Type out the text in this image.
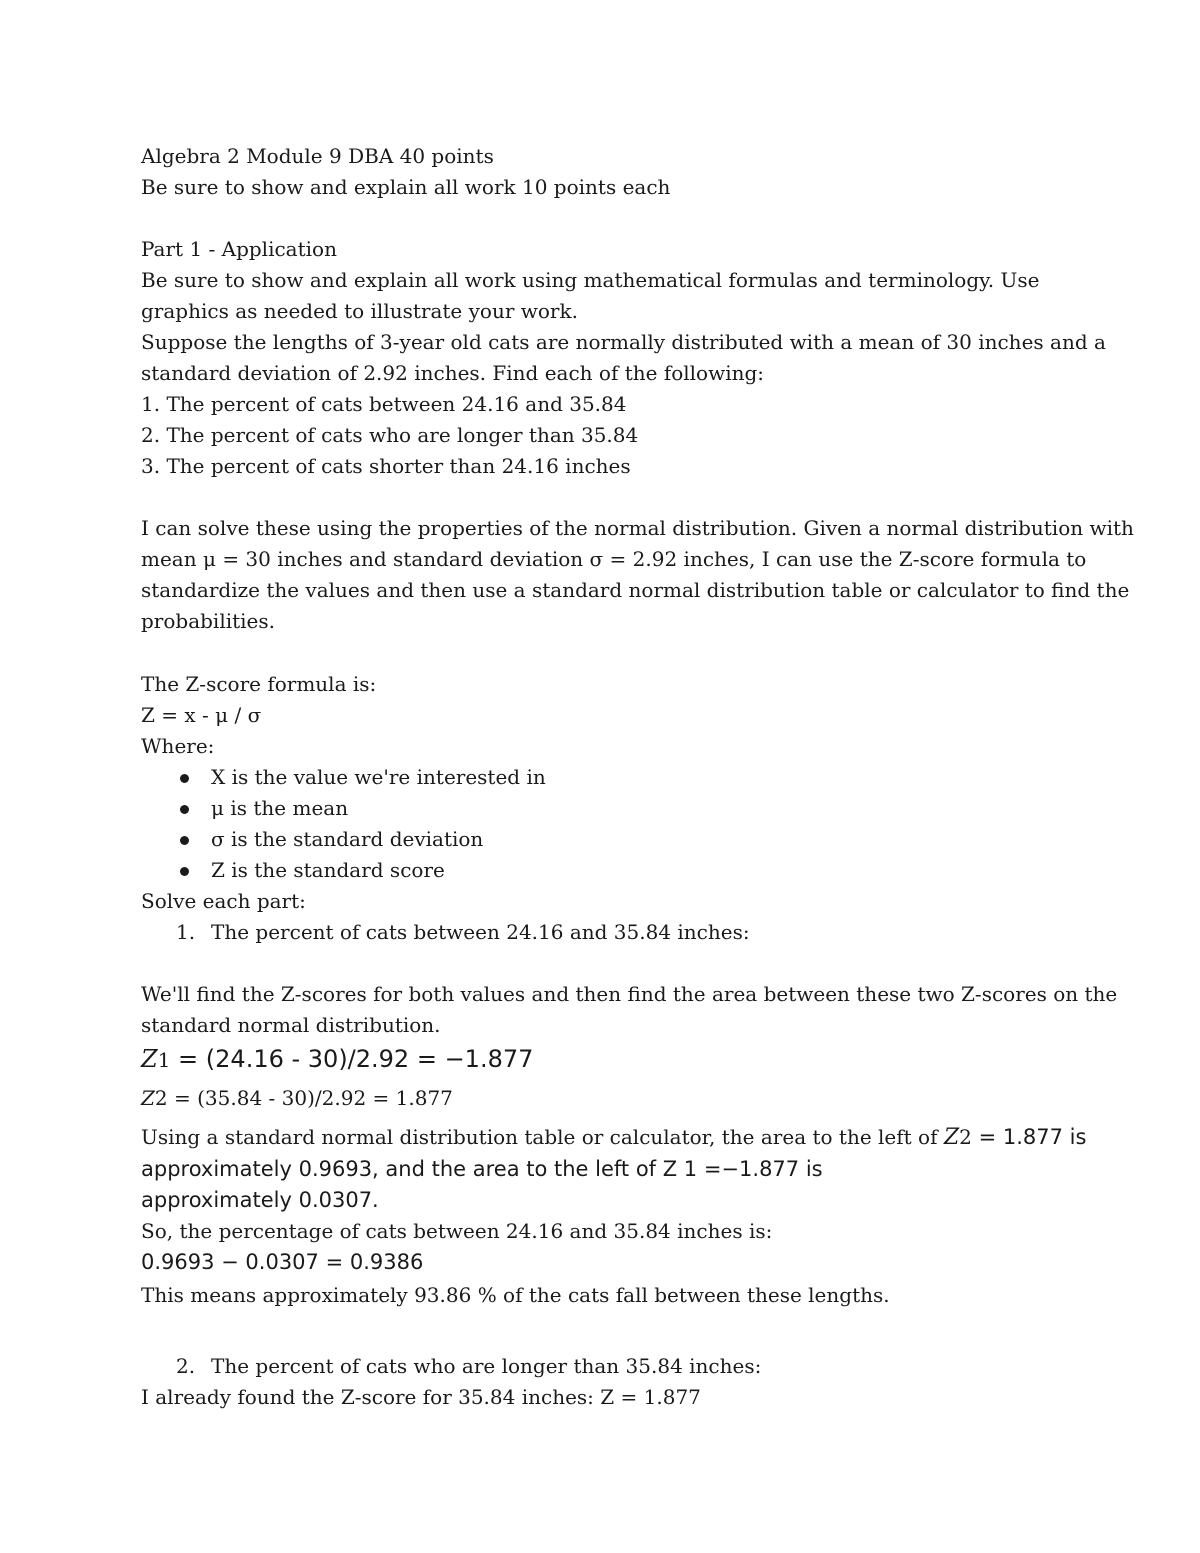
Algebra 2 Module 9 DBA 40 points
Be sure to show and explain all work 10 points each
Part 1 - Application
Be sure to show and explain all work using mathematical formulas and terminology. Use
graphics as needed to illustrate your work.
Suppose the lengths of 3-year old cats are normally distributed with a mean of 30 inches and a
standard deviation of 2.92 inches. Find each of the following:
1. The percent of cats between 24.16 and 35.84
2. The percent of cats who are longer than 35.84
3. The percent of cats shorter than 24.16 inches
I can solve these using the properties of the normal distribution. Given a normal distribution with
mean μ = 30 inches and standard deviation σ = 2.92 inches, I can use the Z-score formula to
standardize the values and then use a standard normal distribution table or calculator to find the
probabilities.
The Z-score formula is:
Z = x - μ / σ
Where:
X is the value we're interested in
μ is the mean
σ is the standard deviation
Z is the standard score
Solve each part:
1. The percent of cats between 24.16 and 35.84 inches:
We'll find the Z-scores for both values and then find the area between these two Z-scores on the
standard normal distribution.
Z1 = (24.16 - 30)/2.92 = −1.877
Z2 = (35.84 - 30)/2.92 = 1.877
Using a standard normal distribution table or calculator, the area to the left of Z2 = 1.877 is
approximately 0.9693, and the area to the left of Z 1 =−1.877 is
approximately 0.0307.
So, the percentage of cats between 24.16 and 35.84 inches is:
0.9693 − 0.0307 = 0.9386
This means approximately 93.86 % of the cats fall between these lengths.
2. The percent of cats who are longer than 35.84 inches:
I already found the Z-score for 35.84 inches: Z = 1.877
